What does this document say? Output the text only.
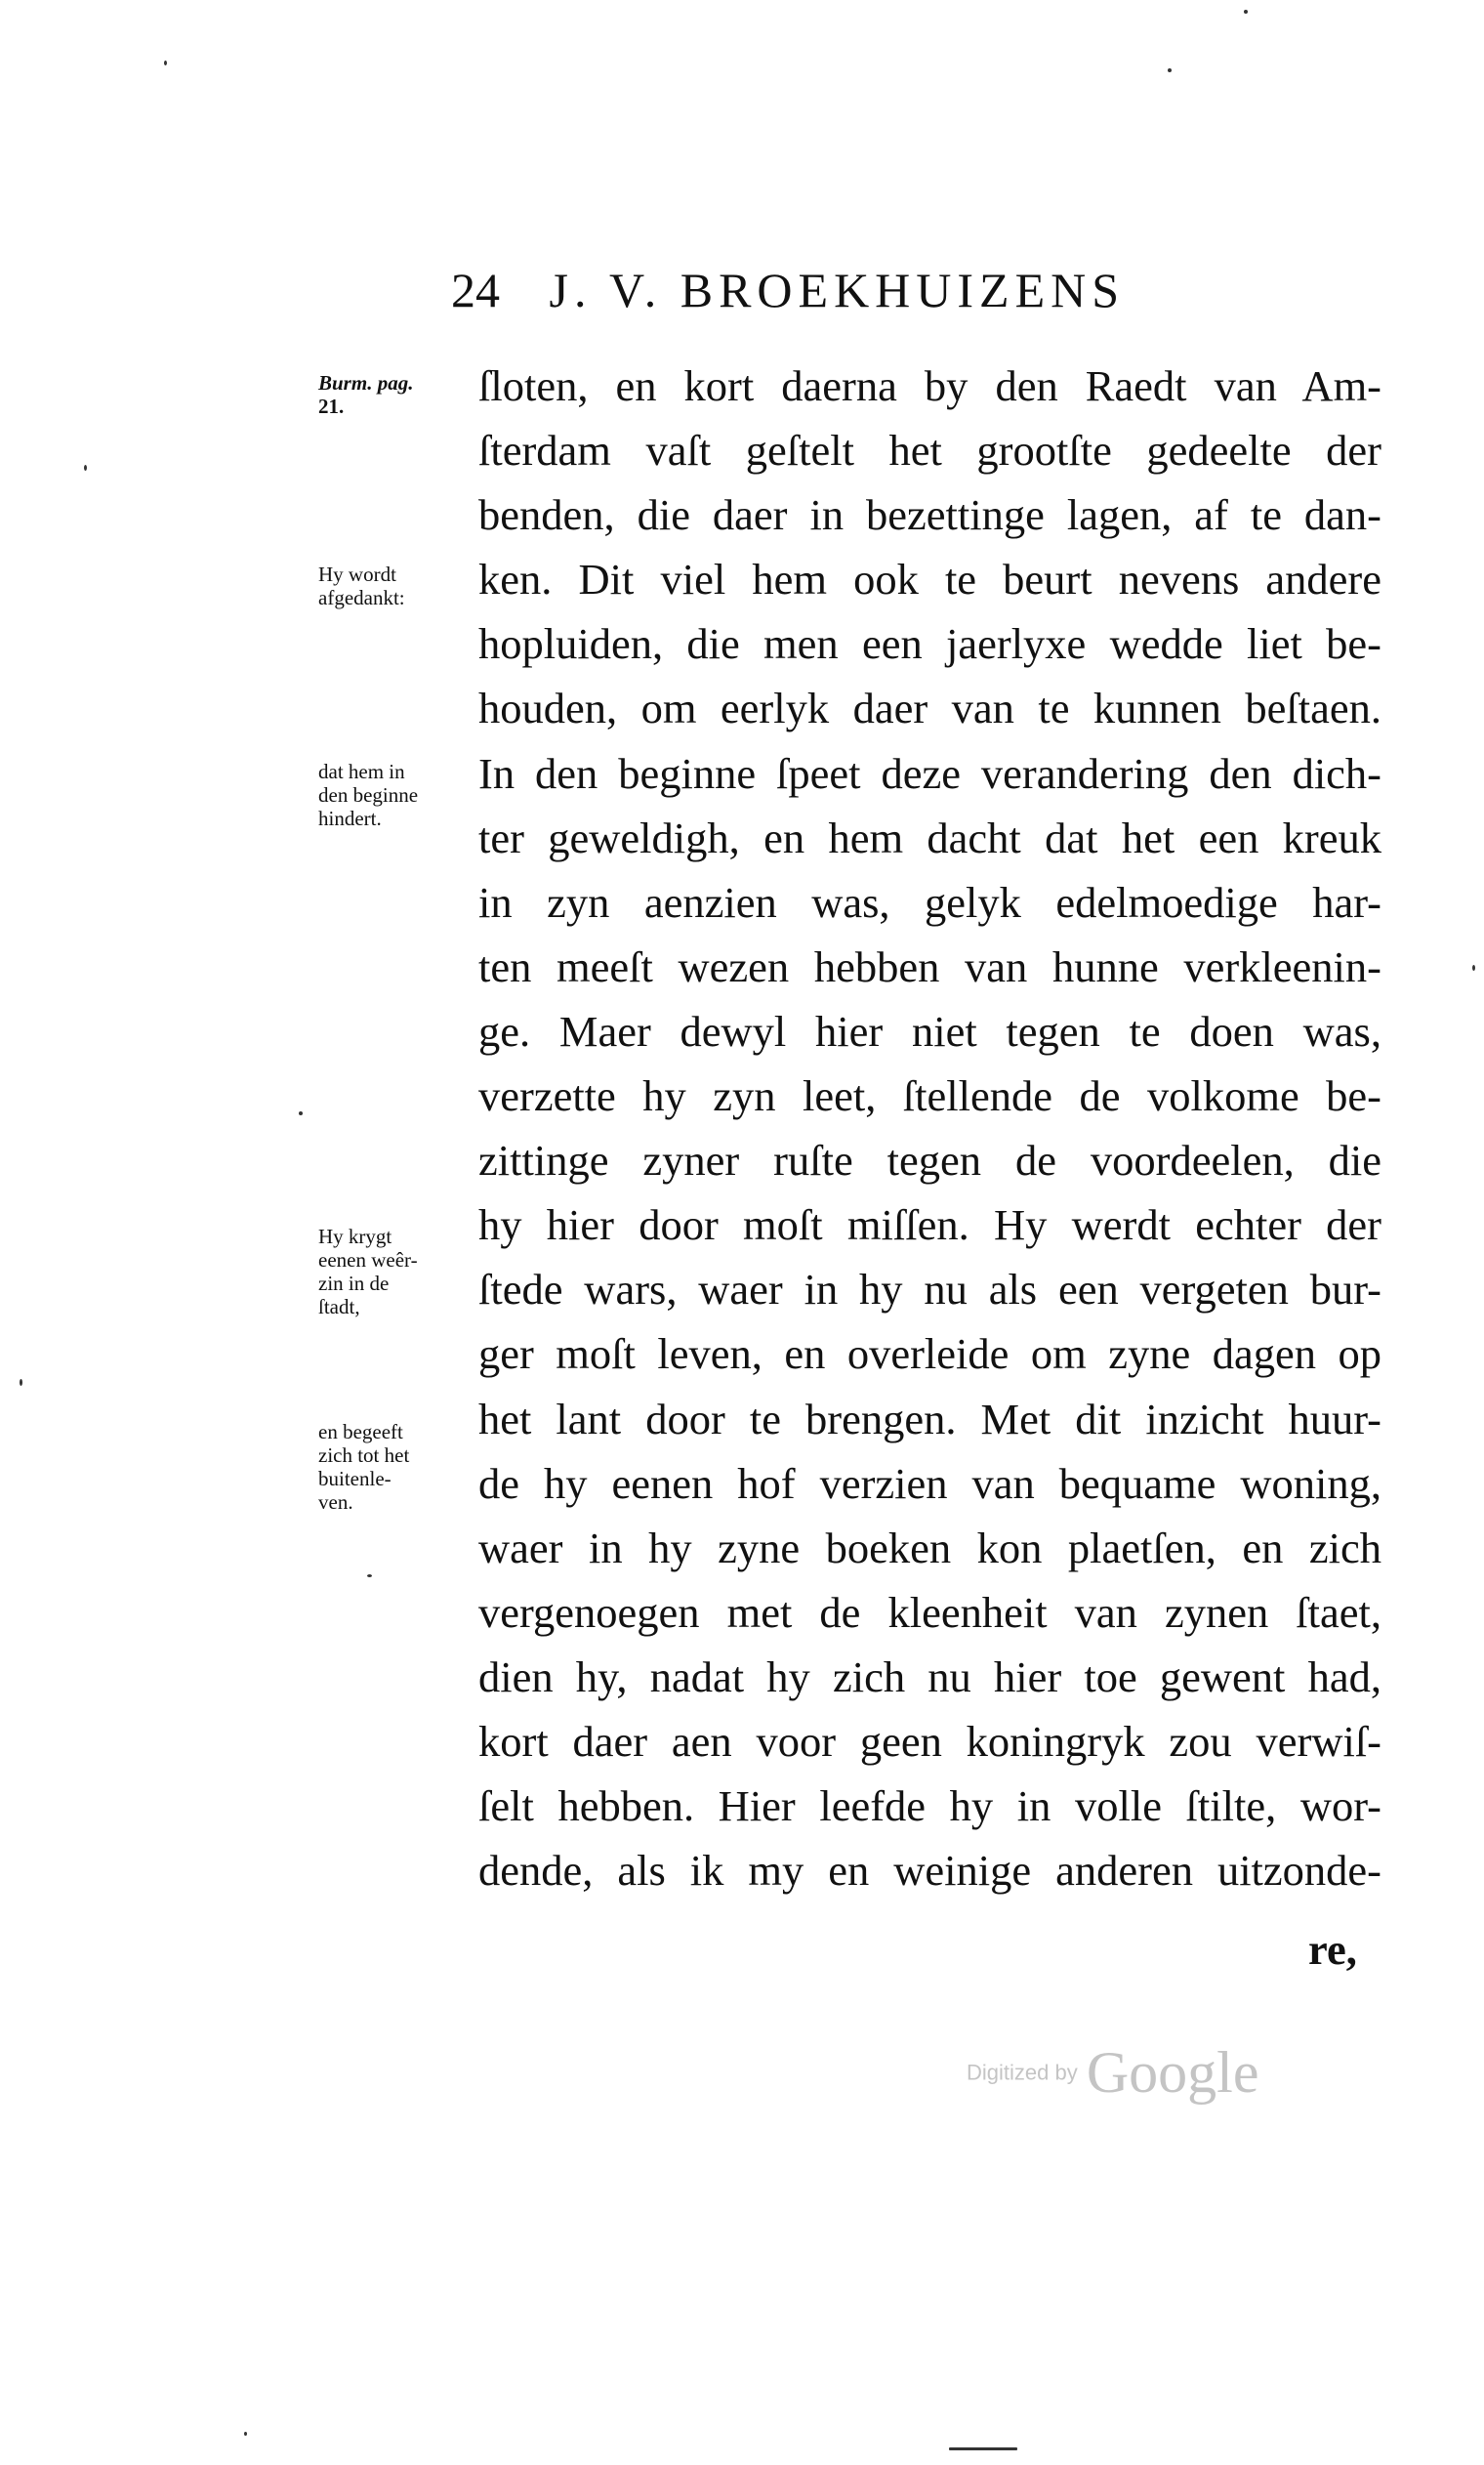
24 J. V. BROEKHUIZENS
ſloten, en kort daerna by den Raedt van Am-
ſterdam vaſt geſtelt het grootſte gedeelte der
benden, die daer in bezettinge lagen, af te dan-
ken. Dit viel hem ook te beurt nevens andere
hopluiden, die men een jaerlyxe wedde liet be-
houden, om eerlyk daer van te kunnen beſtaen.
In den beginne ſpeet deze verandering den dich-
ter geweldigh, en hem dacht dat het een kreuk
in zyn aenzien was, gelyk edelmoedige har-
ten meeſt wezen hebben van hunne verkleenin-
ge. Maer dewyl hier niet tegen te doen was,
verzette hy zyn leet, ſtellende de volkome be-
zittinge zyner ruſte tegen de voordeelen, die
hy hier door moſt miſſen. Hy werdt echter der
ſtede wars, waer in hy nu als een vergeten bur-
ger moſt leven, en overleide om zyne dagen op
het lant door te brengen. Met dit inzicht huur-
de hy eenen hof verzien van bequame woning,
waer in hy zyne boeken kon plaetſen, en zich
vergenoegen met de kleenheit van zynen ſtaet,
dien hy, nadat hy zich nu hier toe gewent had,
kort daer aen voor geen koningryk zou verwiſ-
ſelt hebben. Hier leefde hy in volle ſtilte, wor-
dende, als ik my en weinige anderen uitzonde-
re,
Burm. pag.
21.
Hy wordt
afgedankt:
dat hem in
den beginne
hindert.
Hy krygt
eenen weêr-
zin in de
ſtadt,
en begeeft
zich tot het
buitenle-
ven.
Digitized by Google
